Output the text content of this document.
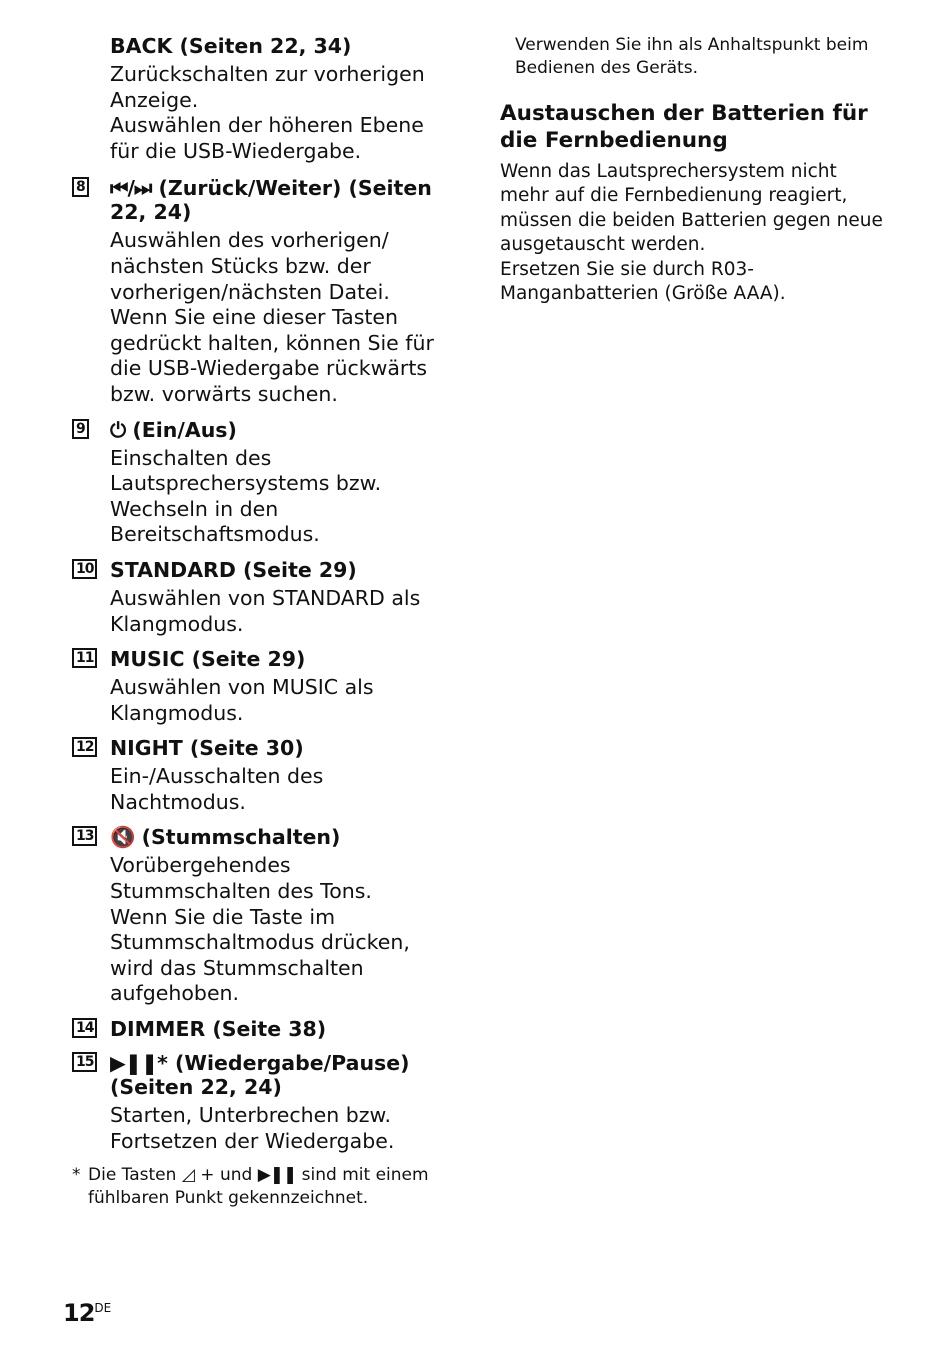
BACK (Seiten 22, 34)

Zurückschalten zur vorherigen Anzeige.
Auswählen der höheren Ebene für die USB-Wiedergabe.
8 ⏮/⏭ (Zurück/Weiter) (Seiten 22, 24)

Auswählen des vorherigen/ nächsten Stücks bzw. der vorherigen/nächsten Datei.
Wenn Sie eine dieser Tasten gedrückt halten, können Sie für die USB-Wiedergabe rückwärts bzw. vorwärts suchen.
9 ⏻ (Ein/Aus)

Einschalten des Lautsprechersystems bzw. Wechseln in den Bereitschaftsmodus.
10 STANDARD (Seite 29)

Auswählen von STANDARD als Klangmodus.
11 MUSIC (Seite 29)

Auswählen von MUSIC als Klangmodus.
12 NIGHT (Seite 30)

Ein-/Ausschalten des Nachtmodus.
13 🔇 (Stummschalten)

Vorübergehendes Stummschalten des Tons.
Wenn Sie die Taste im Stummschaltmodus drücken, wird das Stummschalten aufgehoben.
14 DIMMER (Seite 38)

15 ▶❚❚* (Wiedergabe/Pause) (Seiten 22, 24)

Starten, Unterbrechen bzw. Fortsetzen der Wiedergabe.
* Die Tasten ◿ + und ▶❚❚ sind mit einem fühlbaren Punkt gekennzeichnet.

Verwenden Sie ihn als Anhaltspunkt beim Bedienen des Geräts.

Austauschen der Batterien für die Fernbedienung

Wenn das Lautsprechersystem nicht mehr auf die Fernbedienung reagiert, müssen die beiden Batterien gegen neue ausgetauscht werden.
Ersetzen Sie sie durch R03-Manganbatterien (Größe AAA).
12DE
